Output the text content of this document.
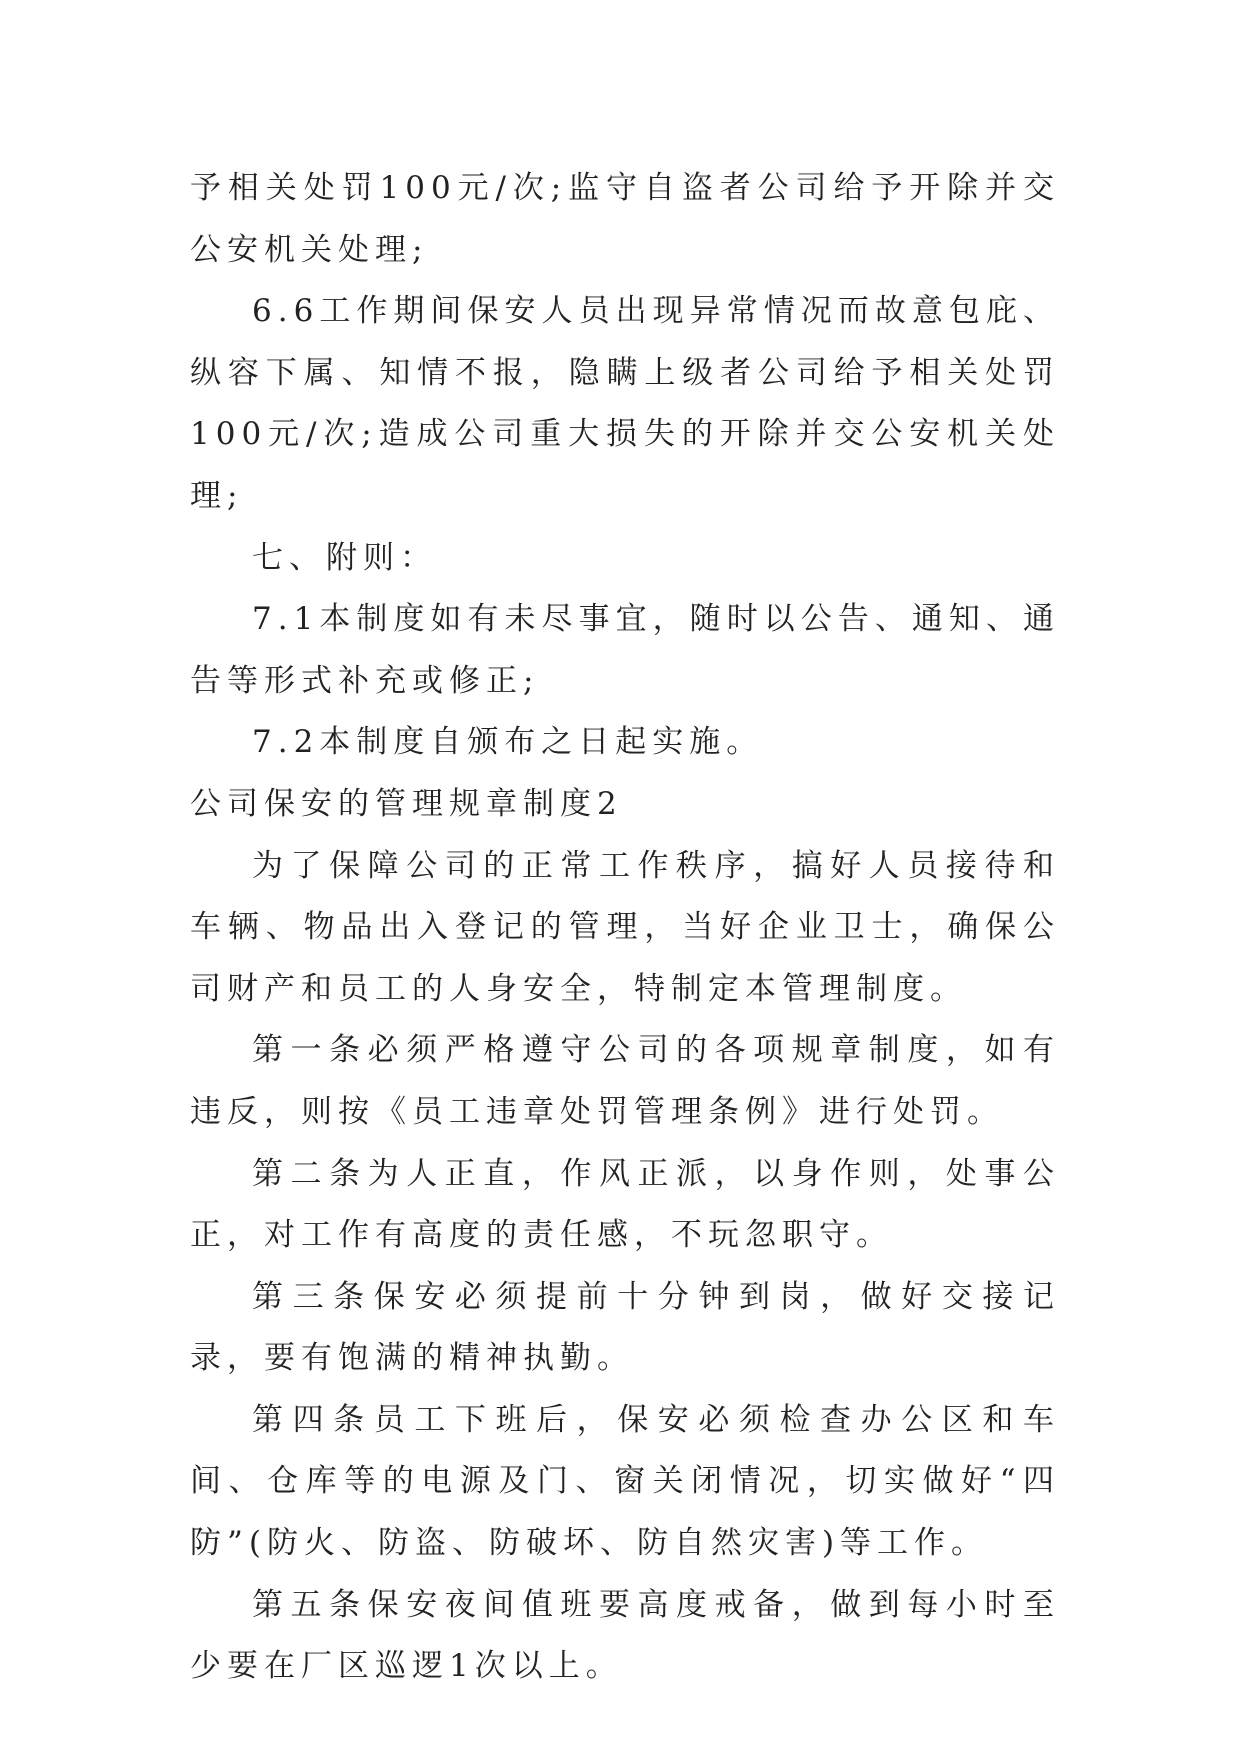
予相关处罚100元/次;监守自盗者公司给予开除并交公安机关处理;

6.6工作期间保安人员出现异常情况而故意包庇、纵容下属、知情不报，隐瞒上级者公司给予相关处罚100元/次;造成公司重大损失的开除并交公安机关处理;

七、附则：

7.1本制度如有未尽事宜，随时以公告、通知、通告等形式补充或修正;

7.2本制度自颁布之日起实施。

公司保安的管理规章制度2

为了保障公司的正常工作秩序，搞好人员接待和车辆、物品出入登记的管理，当好企业卫士，确保公司财产和员工的人身安全，特制定本管理制度。

第一条必须严格遵守公司的各项规章制度，如有违反，则按《员工违章处罚管理条例》进行处罚。

第二条为人正直，作风正派，以身作则，处事公正，对工作有高度的责任感，不玩忽职守。

第三条保安必须提前十分钟到岗，做好交接记录，要有饱满的精神执勤。

第四条员工下班后，保安必须检查办公区和车间、仓库等的电源及门、窗关闭情况，切实做好“四防”(防火、防盗、防破坏、防自然灾害)等工作。

第五条保安夜间值班要高度戒备，做到每小时至少要在厂区巡逻1次以上。
